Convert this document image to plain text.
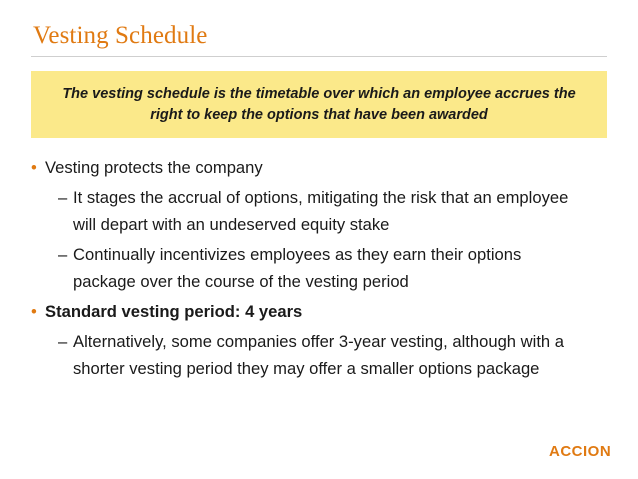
Vesting Schedule
The vesting schedule is the timetable over which an employee accrues the
right to keep the options that have been awarded
• Vesting protects the company
– It stages the accrual of options, mitigating the risk that an employee
will depart with an undeserved equity stake
– Continually incentivizes employees as they earn their options
package over the course of the vesting period
• Standard vesting period: 4 years
– Alternatively, some companies offer 3-year vesting, although with a
shorter vesting period they may offer a smaller options package
ACCION
